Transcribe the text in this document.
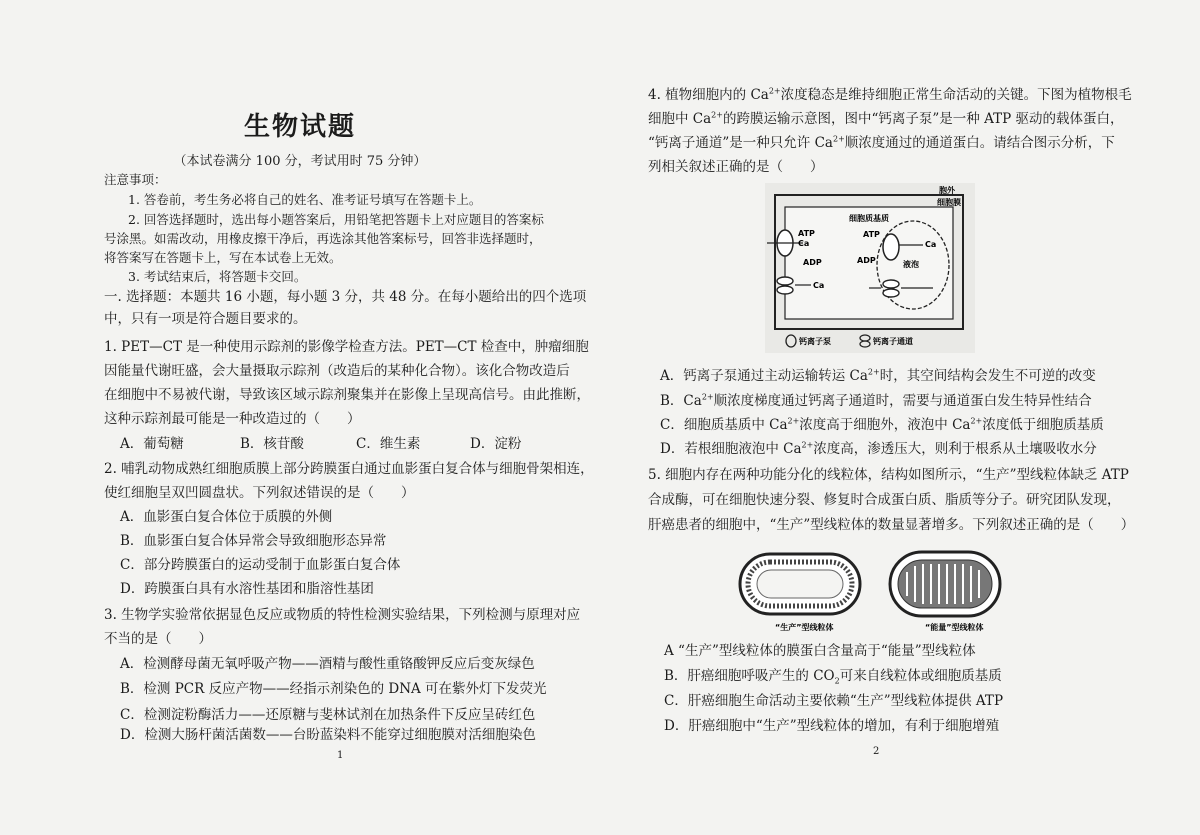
生物试题
（本试卷满分 100 分，考试用时 75 分钟）
注意事项：
1. 答卷前，考生务必将自己的姓名、准考证号填写在答题卡上。
2. 回答选择题时，选出每小题答案后，用铅笔把答题卡上对应题目的答案标
号涂黑。如需改动，用橡皮擦干净后，再选涂其他答案标号，回答非选择题时，
将答案写在答题卡上，写在本试卷上无效。
3. 考试结束后，将答题卡交回。
一. 选择题：本题共 16 小题，每小题 3 分，共 48 分。在每小题给出的四个选项
中，只有一项是符合题目要求的。
1. PET—CT 是一种使用示踪剂的影像学检查方法。PET—CT 检查中，肿瘤细胞
因能量代谢旺盛，会大量摄取示踪剂（改造后的某种化合物）。该化合物改造后
在细胞中不易被代谢，导致该区域示踪剂聚集并在影像上呈现高信号。由此推断，
这种示踪剂最可能是一种改造过的（　　）
A．葡萄糖	B．核苷酸	C．维生素	D．淀粉
2. 哺乳动物成熟红细胞质膜上部分跨膜蛋白通过血影蛋白复合体与细胞骨架相连，
使红细胞呈双凹圆盘状。下列叙述错误的是（　　）
A．血影蛋白复合体位于质膜的外侧
B．血影蛋白复合体异常会导致细胞形态异常
C．部分跨膜蛋白的运动受制于血影蛋白复合体
D．跨膜蛋白具有水溶性基团和脂溶性基团
3. 生物学实验常依据显色反应或物质的特性检测实验结果，下列检测与原理对应
不当的是（　　）
A．检测酵母菌无氧呼吸产物——酒精与酸性重铬酸钾反应后变灰绿色
B．检测 PCR 反应产物——经指示剂染色的 DNA 可在紫外灯下发荧光
C．检测淀粉酶活力——还原糖与斐林试剂在加热条件下反应呈砖红色
D．检测大肠杆菌活菌数——台盼蓝染料不能穿过细胞膜对活细胞染色
1
4. 植物细胞内的 $Ca^{2+}$浓度稳态是维持细胞正常生命活动的关键。下图为植物根毛
细胞中 $Ca^{2+}$的跨膜运输示意图，图中“钙离子泵”是一种 ATP 驱动的载体蛋白，
“钙离子通道”是一种只允许 $Ca^{2+}$顺浓度通过的通道蛋白。请结合图示分析，下
列相关叙述正确的是（　　）
胞外
细胞膜
细胞质基质
ATP
Ca
ADP
Ca
液泡
ATP
ADP
Ca
钙离子泵	钙离子通道
A．钙离子泵通过主动运输转运 $Ca^{2+}$时，其空间结构会发生不可逆的改变
B．$Ca^{2+}$顺浓度梯度通过钙离子通道时，需要与通道蛋白发生特异性结合
C．细胞质基质中 $Ca^{2+}$浓度高于细胞外，液泡中 $Ca^{2+}$浓度低于细胞质基质
D．若根细胞液泡中 $Ca^{2+}$浓度高，渗透压大，则利于根系从土壤吸收水分
5. 细胞内存在两种功能分化的线粒体，结构如图所示，“生产”型线粒体缺乏 ATP
合成酶，可在细胞快速分裂、修复时合成蛋白质、脂质等分子。研究团队发现，
肝癌患者的细胞中，“生产”型线粒体的数量显著增多。下列叙述正确的是（　　）
“生产”型线粒体	“能量”型线粒体
A “生产”型线粒体的膜蛋白含量高于“能量”型线粒体
B．肝癌细胞呼吸产生的 $CO_2$可来自线粒体或细胞质基质
C．肝癌细胞生命活动主要依赖“生产”型线粒体提供 ATP
D．肝癌细胞中“生产”型线粒体的增加，有利于细胞增殖
2
